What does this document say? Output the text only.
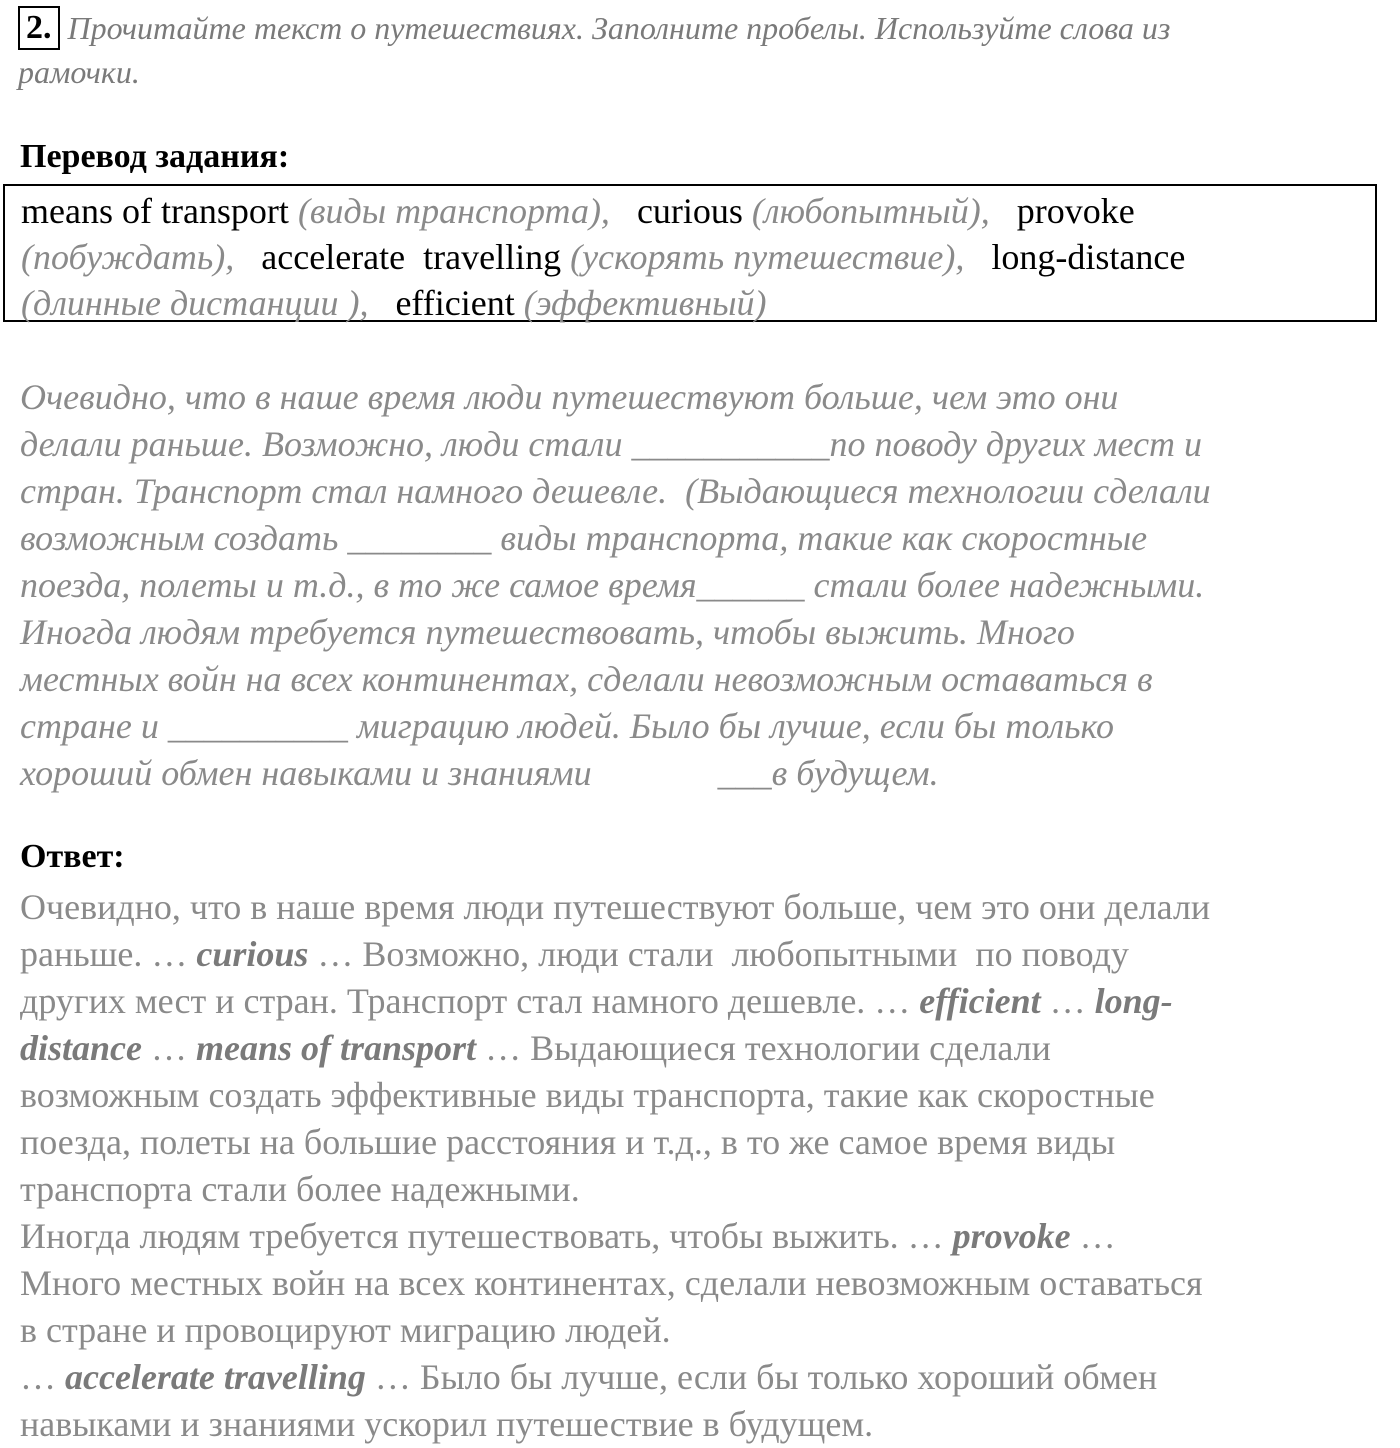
2. Прочитайте текст о путешествиях. Заполните пробелы. Используйте слова из
рамочки.
Перевод задания:
means of transport (виды транспорта), curious (любопытный), provoke
(побуждать), accelerate  travelling (ускорять путешествие), long-distance
(длинные дистанции ), efficient (эффективный)

Очевидно, что в наше время люди путешествуют больше, чем это они

делали раньше. Возможно, люди стали ___________по поводу других мест и

стран. Транспорт стал намного дешевле.  (Выдающиеся технологии сделали

возможным создать ________ виды транспорта, такие как скоростные

поезда, полеты и т.д., в то же самое время______ стали более надежными.

Иногда людям требуется путешествовать, чтобы выжить. Много

местных войн на всех континентах, сделали невозможным оставаться в

стране и __________ миграцию людей. Было бы лучше, если бы только

хороший обмен навыками и знаниями              ___в будущем.

Ответ:

Очевидно, что в наше время люди путешествуют больше, чем это они делали

раньше. … curious … Возможно, люди стали  любопытными  по поводу

других мест и стран. Транспорт стал намного дешевле. … efficient … long-

distance … means of transport … Выдающиеся технологии сделали

возможным создать эффективные виды транспорта, такие как скоростные

поезда, полеты на большие расстояния и т.д., в то же самое время виды

транспорта стали более надежными.

Иногда людям требуется путешествовать, чтобы выжить. … provoke …

Много местных войн на всех континентах, сделали невозможным оставаться

в стране и провоцируют миграцию людей.

… accelerate travelling … Было бы лучше, если бы только хороший обмен

навыками и знаниями ускорил путешествие в будущем.
